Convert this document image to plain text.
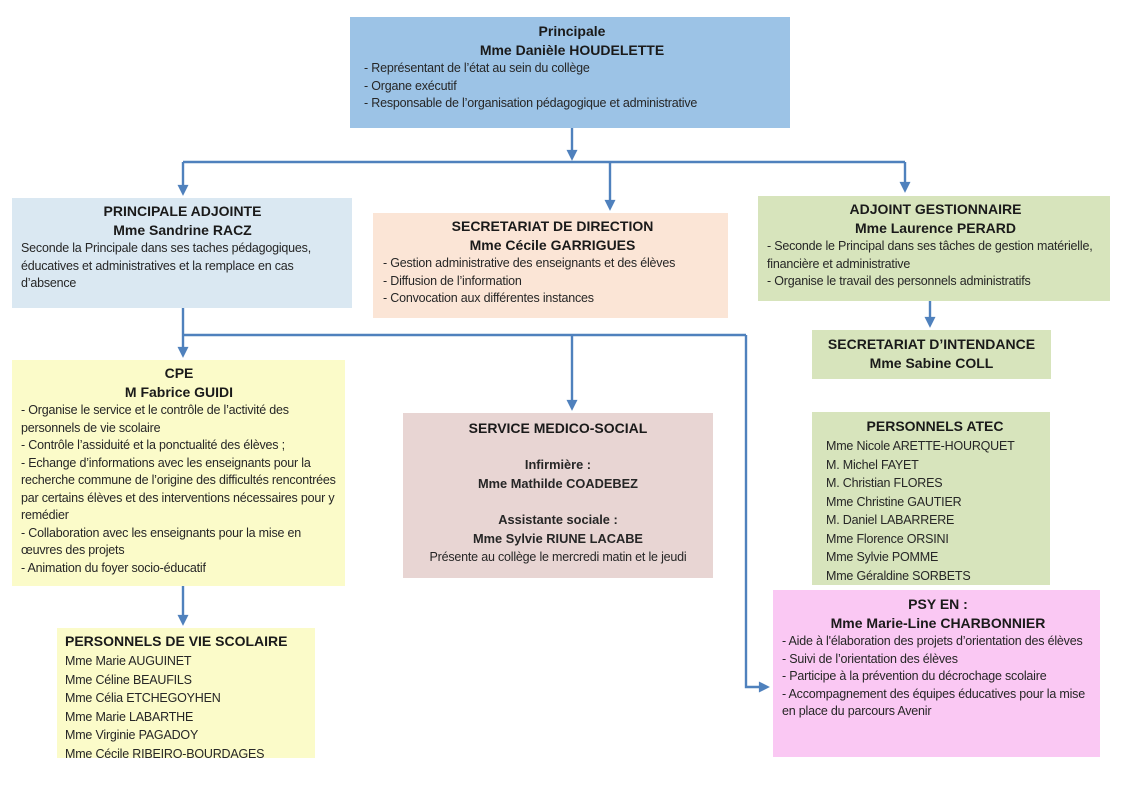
Principale
Mme Danièle HOUDELETTE
- Représentant de l’état au sein du collège
- Organe exécutif
- Responsable de l’organisation pédagogique et administrative
PRINCIPALE ADJOINTE
Mme Sandrine RACZ
Seconde la Principale dans ses taches pédagogiques, éducatives et administratives et la remplace en cas d’absence
SECRETARIAT DE DIRECTION
Mme Cécile GARRIGUES
- Gestion administrative des enseignants et des élèves
- Diffusion de l’information
- Convocation aux différentes instances
ADJOINT GESTIONNAIRE
Mme Laurence PERARD
- Seconde le Principal dans ses tâches de gestion matérielle, financière et administrative
- Organise le travail des personnels administratifs
SECRETARIAT D’INTENDANCE
Mme Sabine COLL
CPE
M Fabrice GUIDI
- Organise le service et le contrôle de l’activité des personnels de vie scolaire
- Contrôle l’assiduité et la ponctualité des élèves ;
- Echange d’informations avec les enseignants pour la recherche commune de l’origine des difficultés rencontrées par certains élèves et des interventions nécessaires pour y remédier
- Collaboration avec les enseignants pour la mise en œuvres des projets
- Animation du foyer socio-éducatif
SERVICE MEDICO-SOCIAL
Infirmière :
Mme Mathilde COADEBEZ
Assistante sociale :
Mme Sylvie RIUNE LACABE
Présente au collège le mercredi matin et le jeudi
PERSONNELS ATEC
Mme Nicole ARETTE-HOURQUET
M. Michel FAYET
M. Christian FLORES
Mme Christine GAUTIER
M. Daniel LABARRERE
Mme Florence ORSINI
Mme Sylvie POMME
Mme Géraldine SORBETS
PERSONNELS DE VIE SCOLAIRE
Mme Marie AUGUINET
Mme Céline BEAUFILS
Mme Célia ETCHEGOYHEN
Mme Marie LABARTHE
Mme Virginie PAGADOY
Mme Cécile RIBEIRO-BOURDAGES
PSY EN :
Mme Marie-Line CHARBONNIER
- Aide à l'élaboration des projets d’orientation des élèves
- Suivi de l’orientation des élèves
- Participe à la prévention du décrochage scolaire
- Accompagnement des équipes éducatives pour la mise en place du parcours Avenir
